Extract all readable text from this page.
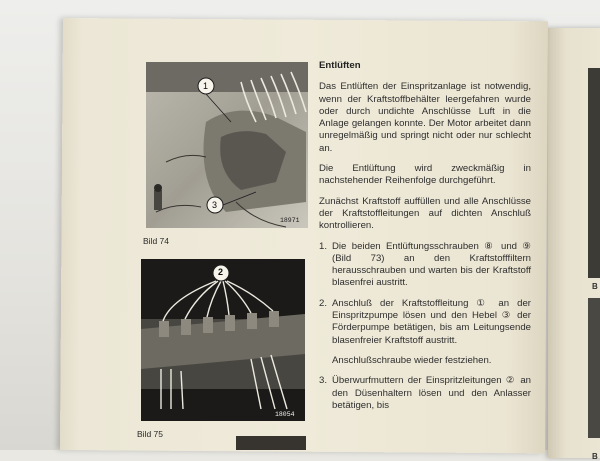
B
B
1
3
18971
Bild 74
2
18054
Bild 75
Entlüften

Das Entlüften der Einspritzanlage ist notwendig, wenn der Kraftstoffbehälter leergefahren wurde oder durch undichte Anschlüsse Luft in die Anlage gelangen konnte. Der Motor arbeitet dann unregelmäßig und springt nicht oder nur schlecht an.

Die Entlüftung wird zweckmäßig in nachstehender Reihenfolge durchgeführt.

Zunächst Kraftstoff auffüllen und alle Anschlüsse der Kraftstoffleitungen auf dichten Anschluß kontrollieren.

1. Die beiden Entlüftungsschrauben ⑧ und ⑨ (Bild 73) an den Kraftstofffiltern herausschrauben und warten bis der Kraftstoff blasenfrei austritt.
2. Anschluß der Kraftstoffleitung ① an der Einspritzpumpe lösen und den Hebel ③ der Förderpumpe betätigen, bis am Leitungsende blasenfreier Kraftstoff austritt.
Anschlußschraube wieder festziehen.
3. Überwurfmuttern der Einspritzleitungen ② an den Düsenhaltern lösen und den Anlasser betätigen, bis
